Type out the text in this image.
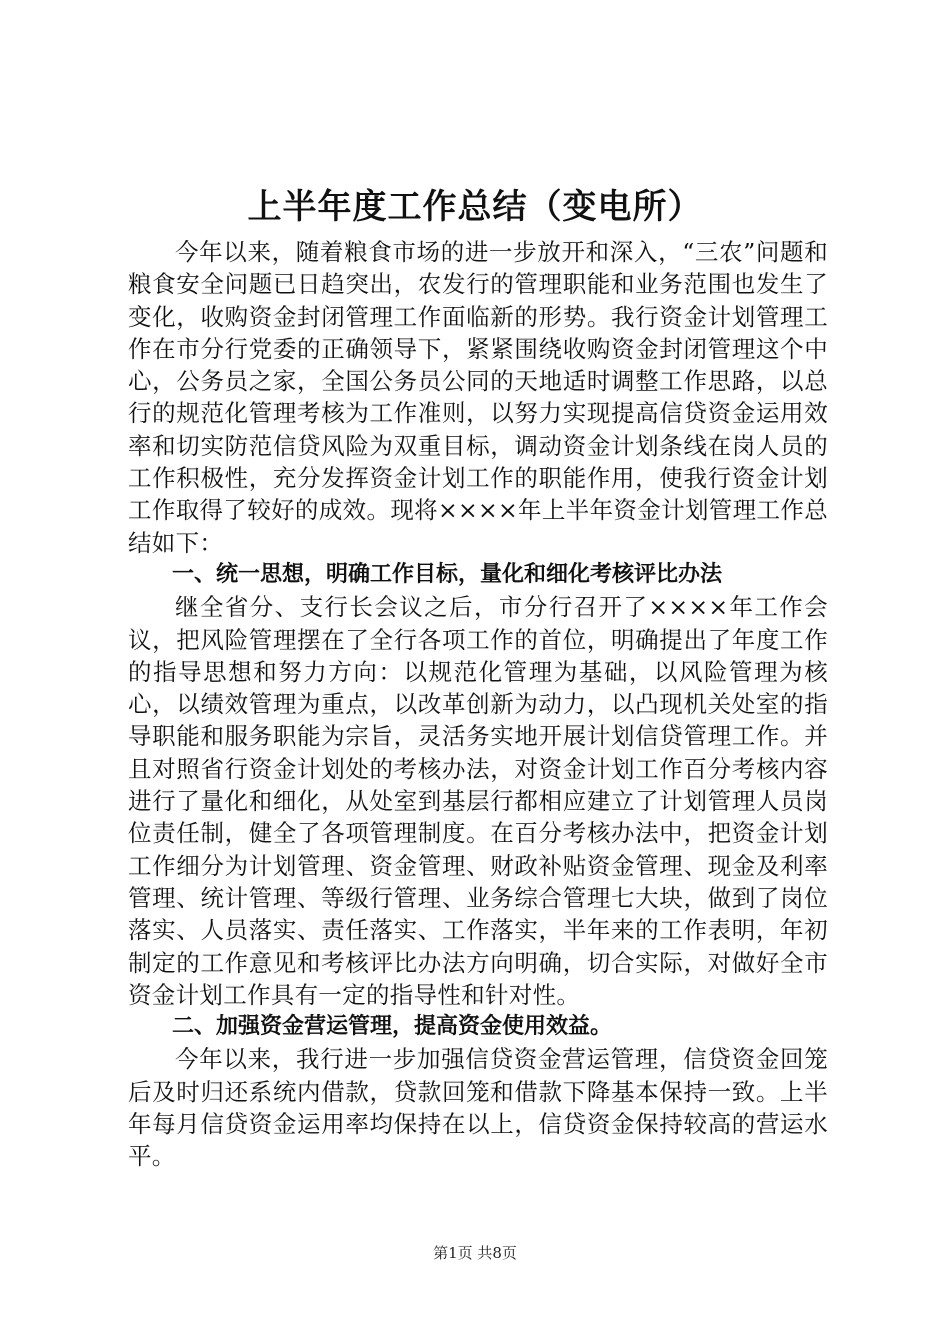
上半年度工作总结（变电所）

今年以来，随着粮食市场的进一步放开和深入，“三农”问题和粮食安全问题已日趋突出，农发行的管理职能和业务范围也发生了变化，收购资金封闭管理工作面临新的形势。我行资金计划管理工作在市分行党委的正确领导下，紧紧围绕收购资金封闭管理这个中心，公务员之家，全国公务员公同的天地适时调整工作思路，以总行的规范化管理考核为工作准则，以努力实现提高信贷资金运用效率和切实防范信贷风险为双重目标，调动资金计划条线在岗人员的工作积极性，充分发挥资金计划工作的职能作用，使我行资金计划工作取得了较好的成效。现将××××年上半年资金计划管理工作总结如下：

一、统一思想，明确工作目标，量化和细化考核评比办法

继全省分、支行长会议之后，市分行召开了××××年工作会议，把风险管理摆在了全行各项工作的首位，明确提出了年度工作的指导思想和努力方向：以规范化管理为基础，以风险管理为核心，以绩效管理为重点，以改革创新为动力，以凸现机关处室的指导职能和服务职能为宗旨，灵活务实地开展计划信贷管理工作。并且对照省行资金计划处的考核办法，对资金计划工作百分考核内容进行了量化和细化，从处室到基层行都相应建立了计划管理人员岗位责任制，健全了各项管理制度。在百分考核办法中，把资金计划工作细分为计划管理、资金管理、财政补贴资金管理、现金及利率管理、统计管理、等级行管理、业务综合管理七大块，做到了岗位落实、人员落实、责任落实、工作落实，半年来的工作表明，年初制定的工作意见和考核评比办法方向明确，切合实际，对做好全市资金计划工作具有一定的指导性和针对性。

二、加强资金营运管理，提高资金使用效益。

今年以来，我行进一步加强信贷资金营运管理，信贷资金回笼后及时归还系统内借款，贷款回笼和借款下降基本保持一致。上半年每月信贷资金运用率均保持在以上，信贷资金保持较高的营运水平。

第1页 共8页
